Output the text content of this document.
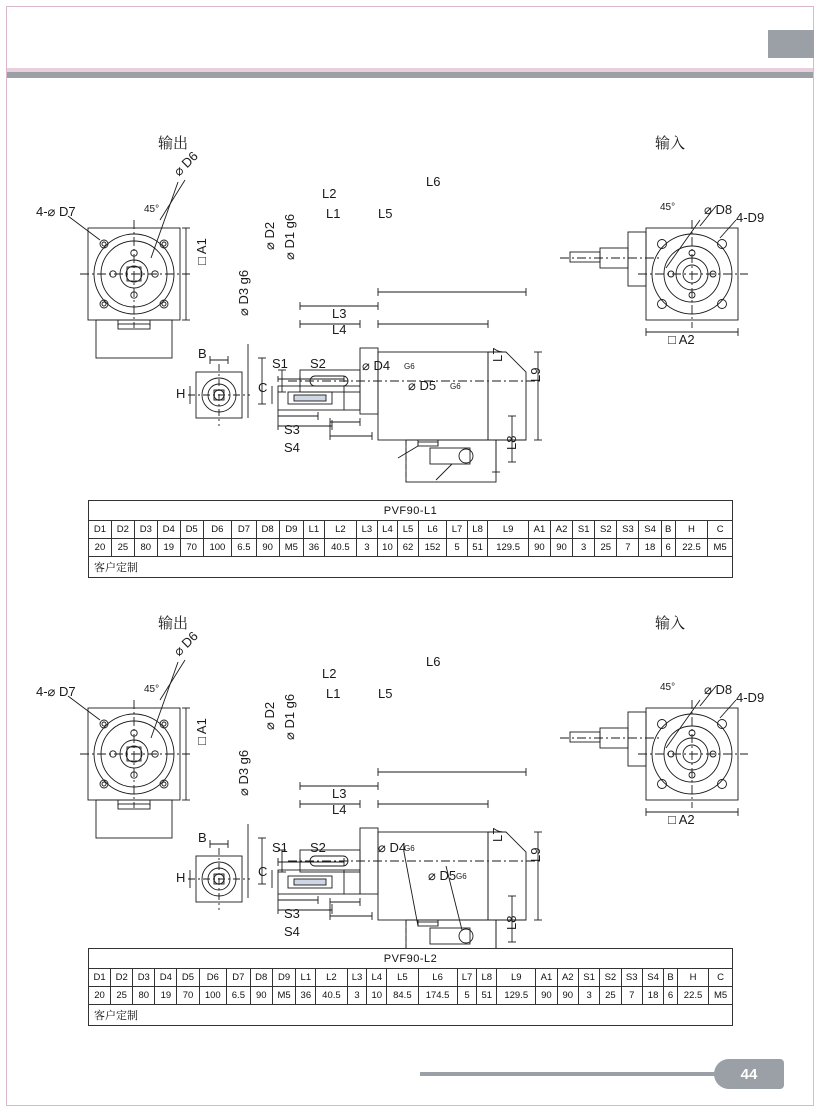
44
输出	输入
4-⌀ D7	45°
⌀ D6
□ A1
⌀ D3 g6
⌀ D2 ⌀ D1 g6
L2
L1	L5
L6
L3
L4
L9
L8
L7
⌀ D4 G6
⌀ D5 G6
B
H	C
S1 S2
S3
S4
⌀ D8
45°
4-D9
□ A2
PVF90-L1																										
D1	D2	D3	D4	D5	D6	D7	D8	D9	L1	L2	L3	L4	L5	L6	L7	L8	L9	A1	A2	S1	S2	S3	S4	B	H	C
20	25	80	19	70	100	6.5	90	M5	36	40.5	3	10	62	152	5	51	129.5	90	90	3	25	7	18	6	22.5	M5
客户定制																										
输出	输入
4-⌀ D7	45°
⌀ D6
□ A1
⌀ D3 g6
⌀ D2 ⌀ D1 g6
L2
L1	L5
L6
L3
L4
L9
L8
L7
⌀ D4
G6
⌀ D5 G6
B
H	C
S1 S2
S3
S4
⌀ D8
45°
4-D9
□ A2
PVF90-L2																										
D1	D2	D3	D4	D5	D6	D7	D8	D9	L1	L2	L3	L4	L5	L6	L7	L8	L9	A1	A2	S1	S2	S3	S4	B	H	C
20	25	80	19	70	100	6.5	90	M5	36	40.5	3	10	84.5	174.5	5	51	129.5	90	90	3	25	7	18	6	22.5	M5
客户定制																										
